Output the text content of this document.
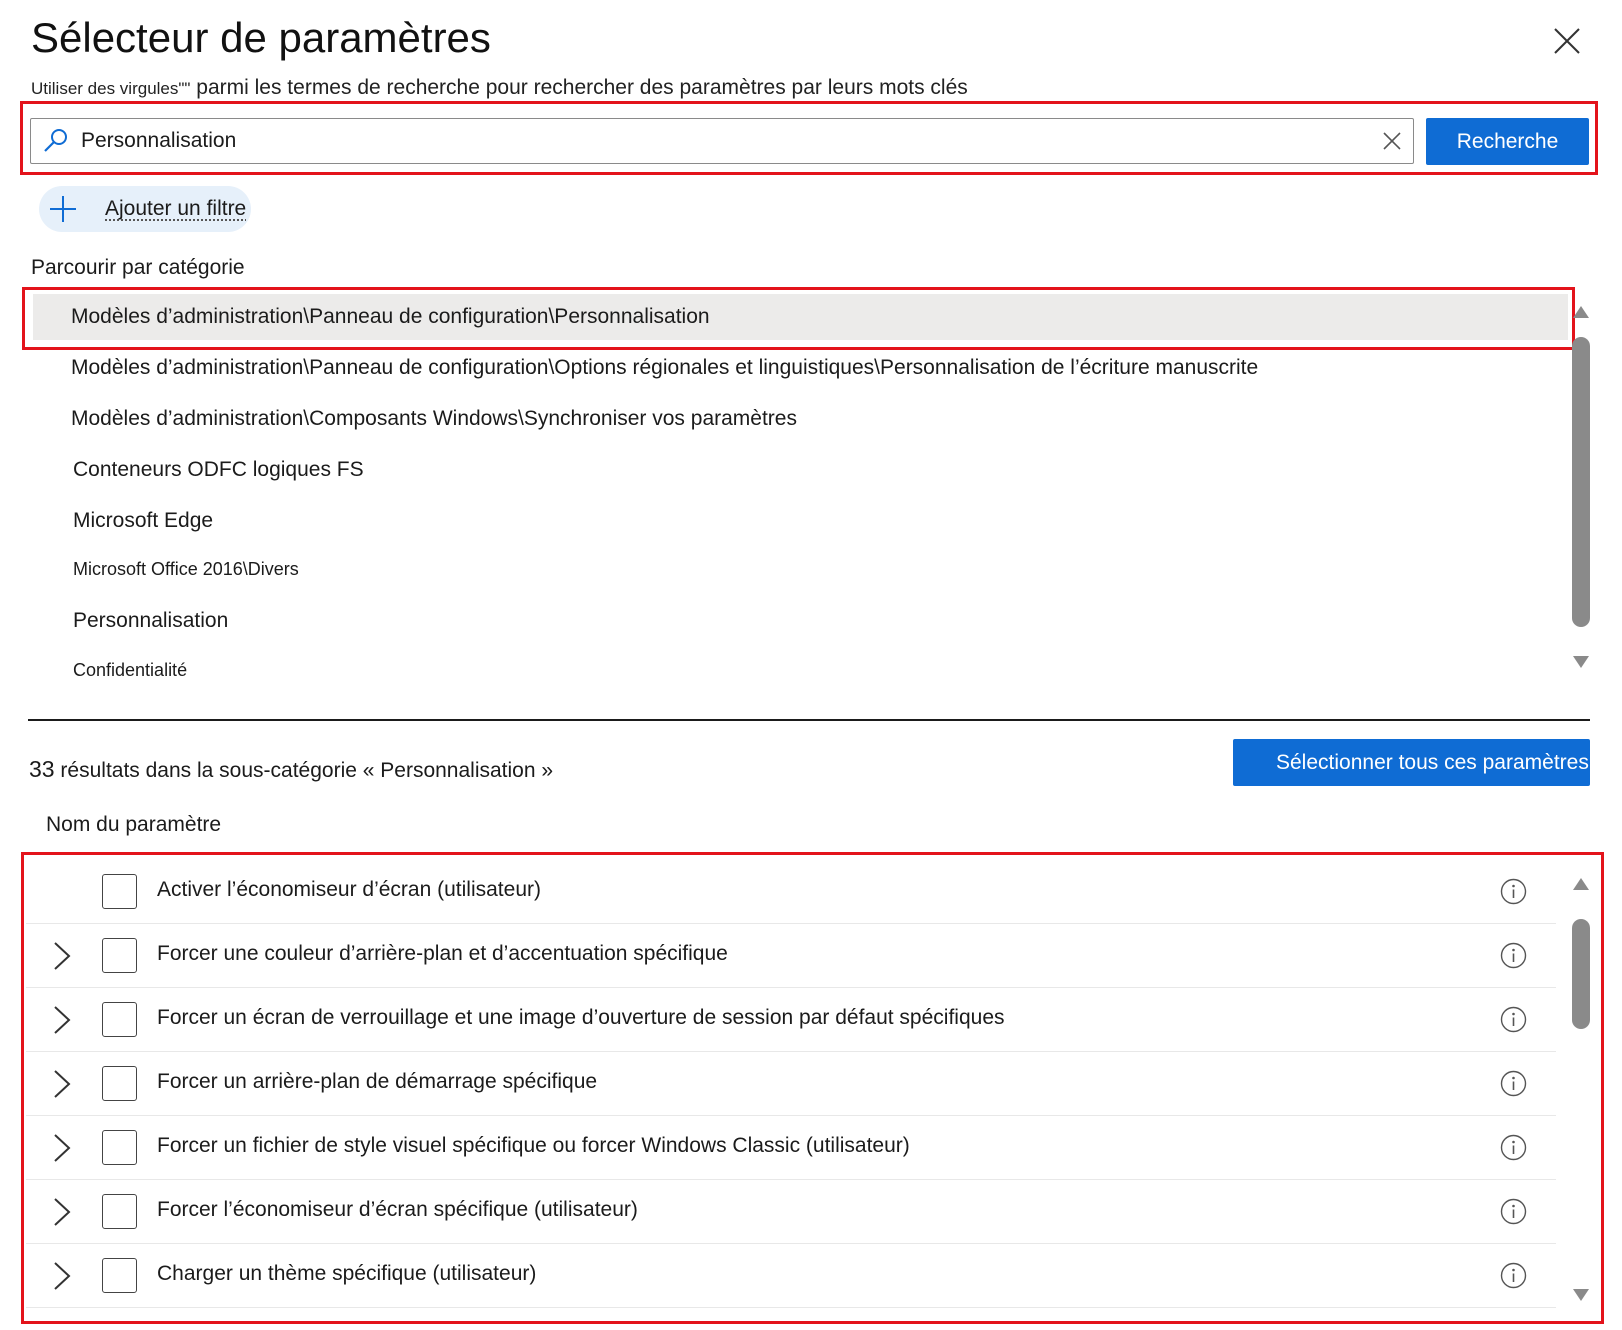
Sélecteur de paramètres
Utiliser des virgules"" parmi les termes de recherche pour rechercher des paramètres par leurs mots clés
Personnalisation
Recherche
Ajouter un filtre
Parcourir par catégorie
Modèles d’administration\Panneau de configuration\Personnalisation
Modèles d’administration\Panneau de configuration\Options régionales et linguistiques\Personnalisation de l’écriture manuscrite
Modèles d’administration\Composants Windows\Synchroniser vos paramètres
Conteneurs ODFC logiques FS
Microsoft Edge
Microsoft Office 2016\Divers
Personnalisation
Confidentialité
33 résultats dans la sous-catégorie « Personnalisation »	Sélectionner tous ces paramètres
Nom du paramètre
Activer l’économiseur d’écran (utilisateur)
Forcer une couleur d’arrière-plan et d’accentuation spécifique
Forcer un écran de verrouillage et une image d’ouverture de session par défaut spécifiques
Forcer un arrière-plan de démarrage spécifique
Forcer un fichier de style visuel spécifique ou forcer Windows Classic (utilisateur)
Forcer l’économiseur d’écran spécifique (utilisateur)
Charger un thème spécifique (utilisateur)
